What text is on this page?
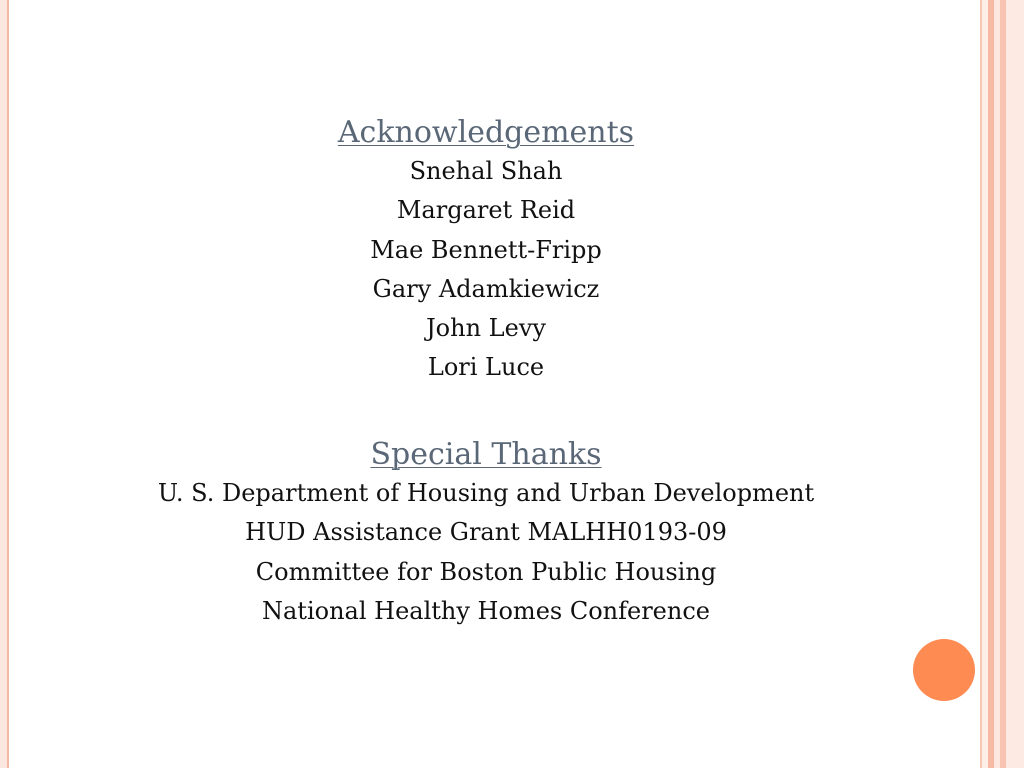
Acknowledgements

Snehal Shah

Margaret Reid

Mae Bennett-Fripp

Gary Adamkiewicz

John Levy

Lori Luce

Special Thanks

U. S. Department of Housing and Urban Development

HUD Assistance Grant MALHH0193-09

Committee for Boston Public Housing

National Healthy Homes Conference
